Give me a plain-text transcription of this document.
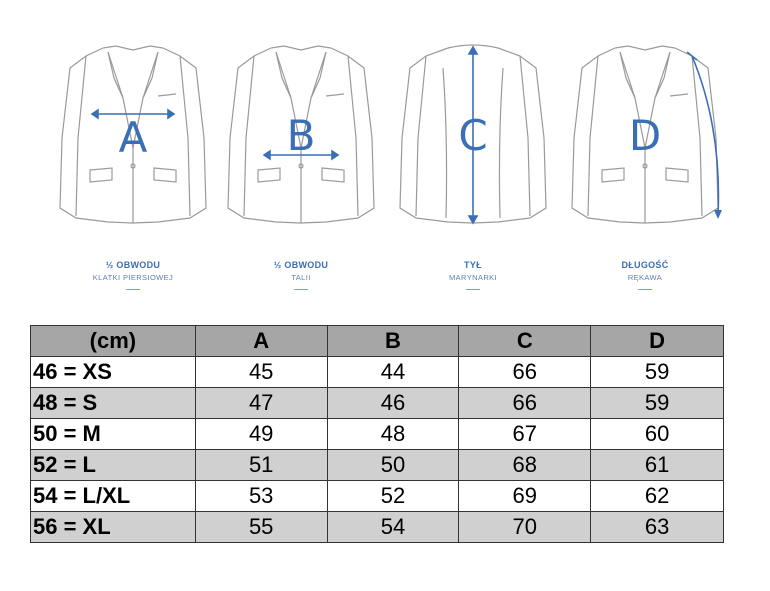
A
½ OBWODU
KLATKI PIERSIOWEJ
B
½ OBWODU
TALII
C
TYŁ
MARYNARKI
D
DŁUGOŚĆ
RĘKAWA
(cm)	A	B	C	D
46 = XS	45	44	66	59
48 = S	47	46	66	59
50 = M	49	48	67	60
52 = L	51	50	68	61
54 = L/XL	53	52	69	62
56 = XL	55	54	70	63
